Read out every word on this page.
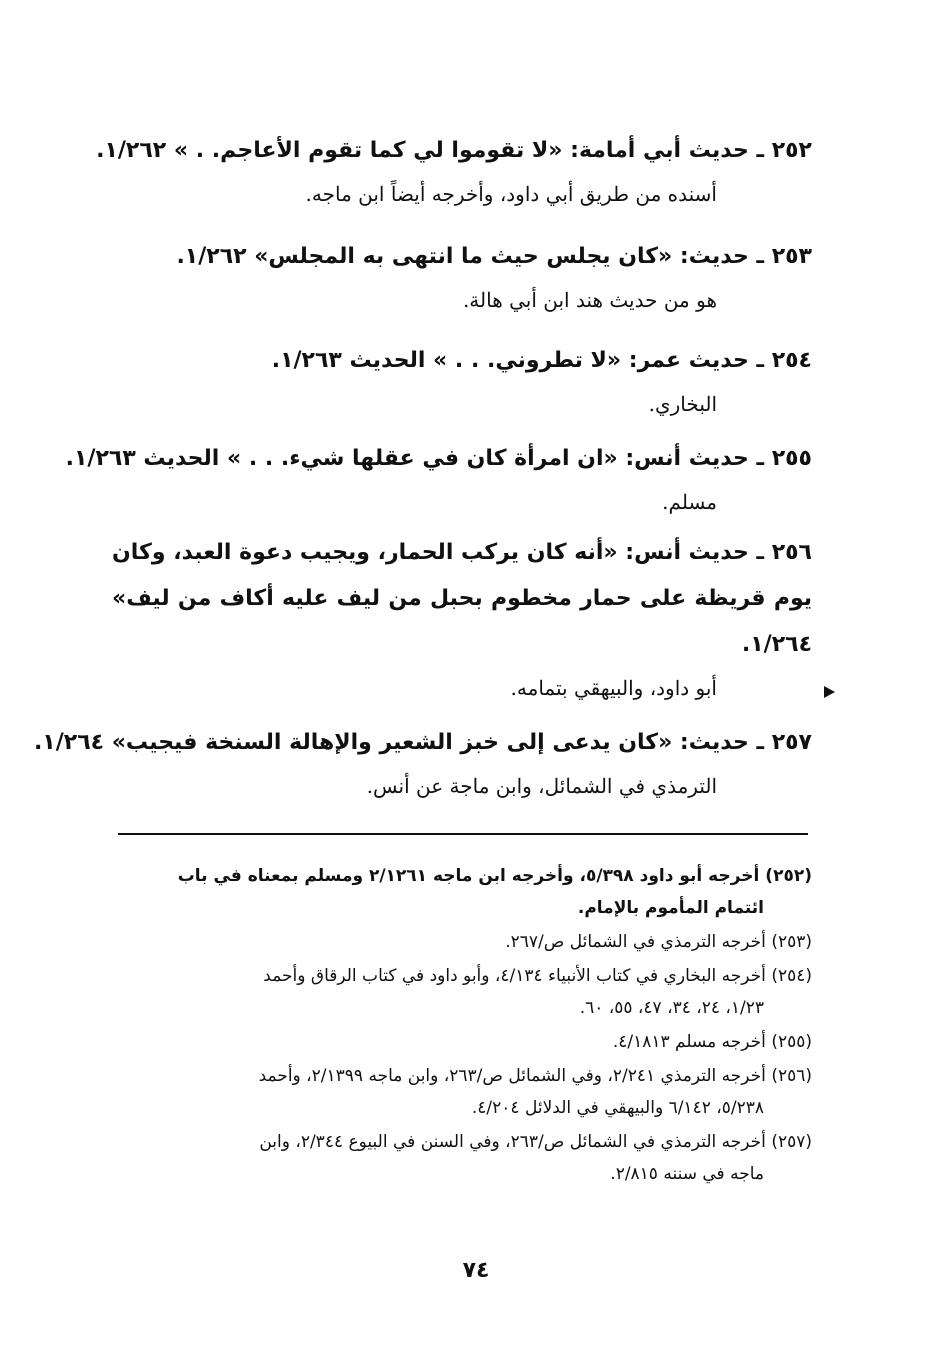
٢٥٢ ـ حديث أبي أمامة: «لا تقوموا لي كما تقوم الأعاجم. . » ١/٢٦٢.
أسنده من طريق أبي داود، وأخرجه أيضاً ابن ماجه.
٢٥٣ ـ حديث: «كان يجلس حيث ما انتهى به المجلس» ١/٢٦٢.
هو من حديث هند ابن أبي هالة.
٢٥٤ ـ حديث عمر: «لا تطروني. . . » الحديث ١/٢٦٣.
البخاري.
٢٥٥ ـ حديث أنس: «ان امرأة كان في عقلها شيء. . . » الحديث ١/٢٦٣.
مسلم.
٢٥٦ ـ حديث أنس: «أنه كان يركب الحمار، ويجيب دعوة العبد، وكان يوم قريظة على حمار مخطوم بحبل من ليف عليه أكاف من ليف» ١/٢٦٤.
أبو داود، والبيهقي بتمامه.
٢٥٧ ـ حديث: «كان يدعى إلى خبز الشعير والإهالة السنخة فيجيب» ١/٢٦٤.
الترمذي في الشمائل، وابن ماجة عن أنس.
(٢٥٢) أخرجه أبو داود ٥/٣٩٨، وأخرجه ابن ماجه ٢/١٢٦١ ومسلم بمعناه في باب
ائتمام المأموم بالإمام.
(٢٥٣) أخرجه الترمذي في الشمائل ص/٢٦٧.
(٢٥٤) أخرجه البخاري في كتاب الأنبياء ٤/١٣٤، وأبو داود في كتاب الرقاق وأحمد
١/٢٣، ٢٤، ٣٤، ٤٧، ٥٥، ٦٠.
(٢٥٥) أخرجه مسلم ٤/١٨١٣.
(٢٥٦) أخرجه الترمذي ٢/٢٤١، وفي الشمائل ص/٢٦٣، وابن ماجه ٢/١٣٩٩، وأحمد
٥/٢٣٨، ٦/١٤٢ والبيهقي في الدلائل ٤/٢٠٤.
(٢٥٧) أخرجه الترمذي في الشمائل ص/٢٦٣، وفي السنن في البيوع ٢/٣٤٤، وابن
ماجه في سننه ٢/٨١٥.
٧٤
